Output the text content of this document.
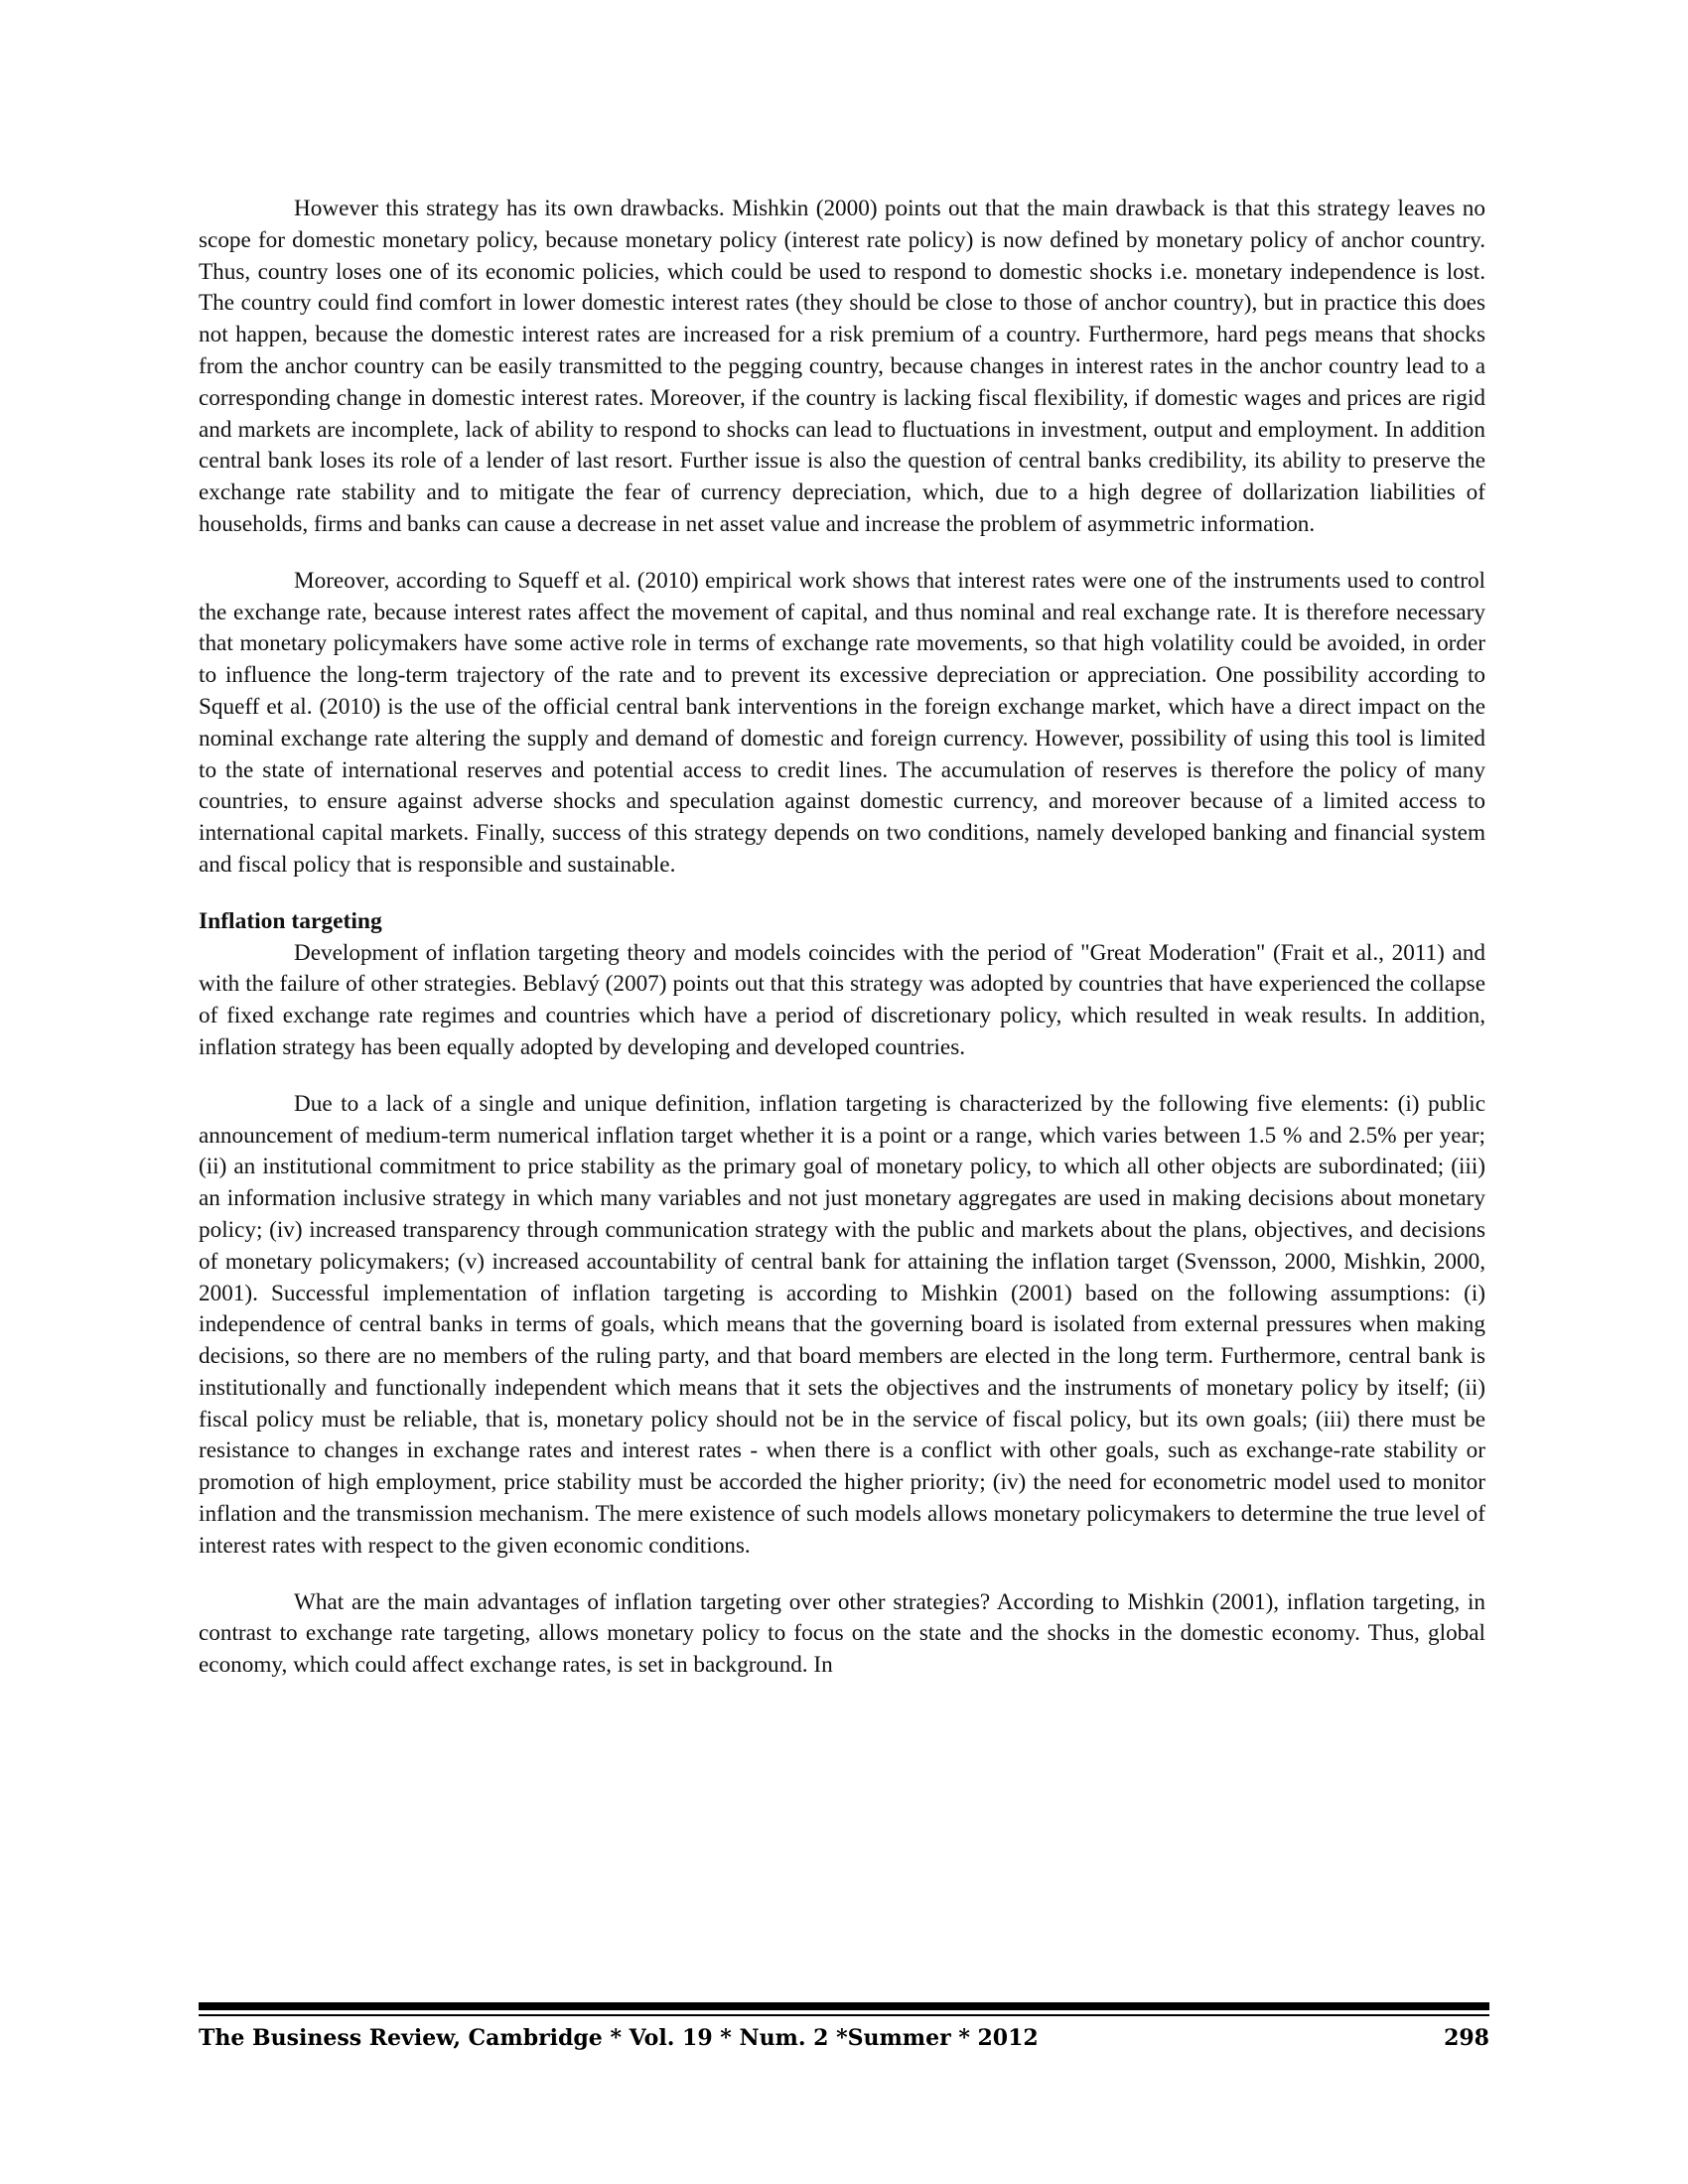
However this strategy has its own drawbacks. Mishkin (2000) points out that the main drawback is that this strategy leaves no scope for domestic monetary policy, because monetary policy (interest rate policy) is now defined by monetary policy of anchor country. Thus, country loses one of its economic policies, which could be used to respond to domestic shocks i.e. monetary independence is lost. The country could find comfort in lower domestic interest rates (they should be close to those of anchor country), but in practice this does not happen, because the domestic interest rates are increased for a risk premium of a country. Furthermore, hard pegs means that shocks from the anchor country can be easily transmitted to the pegging country, because changes in interest rates in the anchor country lead to a corresponding change in domestic interest rates. Moreover, if the country is lacking fiscal flexibility, if domestic wages and prices are rigid and markets are incomplete, lack of ability to respond to shocks can lead to fluctuations in investment, output and employment. In addition central bank loses its role of a lender of last resort. Further issue is also the question of central banks credibility, its ability to preserve the exchange rate stability and to mitigate the fear of currency depreciation, which, due to a high degree of dollarization liabilities of households, firms and banks can cause a decrease in net asset value and increase the problem of asymmetric information.

Moreover, according to Squeff et al. (2010) empirical work shows that interest rates were one of the instruments used to control the exchange rate, because interest rates affect the movement of capital, and thus nominal and real exchange rate. It is therefore necessary that monetary policymakers have some active role in terms of exchange rate movements, so that high volatility could be avoided, in order to influence the long-term trajectory of the rate and to prevent its excessive depreciation or appreciation. One possibility according to Squeff et al. (2010) is the use of the official central bank interventions in the foreign exchange market, which have a direct impact on the nominal exchange rate altering the supply and demand of domestic and foreign currency. However, possibility of using this tool is limited to the state of international reserves and potential access to credit lines. The accumulation of reserves is therefore the policy of many countries, to ensure against adverse shocks and speculation against domestic currency, and moreover because of a limited access to international capital markets. Finally, success of this strategy depends on two conditions, namely developed banking and financial system and fiscal policy that is responsible and sustainable.

Inflation targeting

Development of inflation targeting theory and models coincides with the period of "Great Moderation" (Frait et al., 2011) and with the failure of other strategies. Beblavý (2007) points out that this strategy was adopted by countries that have experienced the collapse of fixed exchange rate regimes and countries which have a period of discretionary policy, which resulted in weak results. In addition, inflation strategy has been equally adopted by developing and developed countries.

Due to a lack of a single and unique definition, inflation targeting is characterized by the following five elements: (i) public announcement of medium-term numerical inflation target whether it is a point or a range, which varies between 1.5 % and 2.5% per year; (ii) an institutional commitment to price stability as the primary goal of monetary policy, to which all other objects are subordinated; (iii) an information inclusive strategy in which many variables and not just monetary aggregates are used in making decisions about monetary policy; (iv) increased transparency through communication strategy with the public and markets about the plans, objectives, and decisions of monetary policymakers; (v) increased accountability of central bank for attaining the inflation target (Svensson, 2000, Mishkin, 2000, 2001). Successful implementation of inflation targeting is according to Mishkin (2001) based on the following assumptions: (i) independence of central banks in terms of goals, which means that the governing board is isolated from external pressures when making decisions, so there are no members of the ruling party, and that board members are elected in the long term. Furthermore, central bank is institutionally and functionally independent which means that it sets the objectives and the instruments of monetary policy by itself; (ii) fiscal policy must be reliable, that is, monetary policy should not be in the service of fiscal policy, but its own goals; (iii) there must be resistance to changes in exchange rates and interest rates - when there is a conflict with other goals, such as exchange-rate stability or promotion of high employment, price stability must be accorded the higher priority; (iv) the need for econometric model used to monitor inflation and the transmission mechanism. The mere existence of such models allows monetary policymakers to determine the true level of interest rates with respect to the given economic conditions.

What are the main advantages of inflation targeting over other strategies? According to Mishkin (2001), inflation targeting, in contrast to exchange rate targeting, allows monetary policy to focus on the state and the shocks in the domestic economy. Thus, global economy, which could affect exchange rates, is set in background. In

The Business Review, Cambridge * Vol. 19 * Num. 2 *Summer * 2012	298
